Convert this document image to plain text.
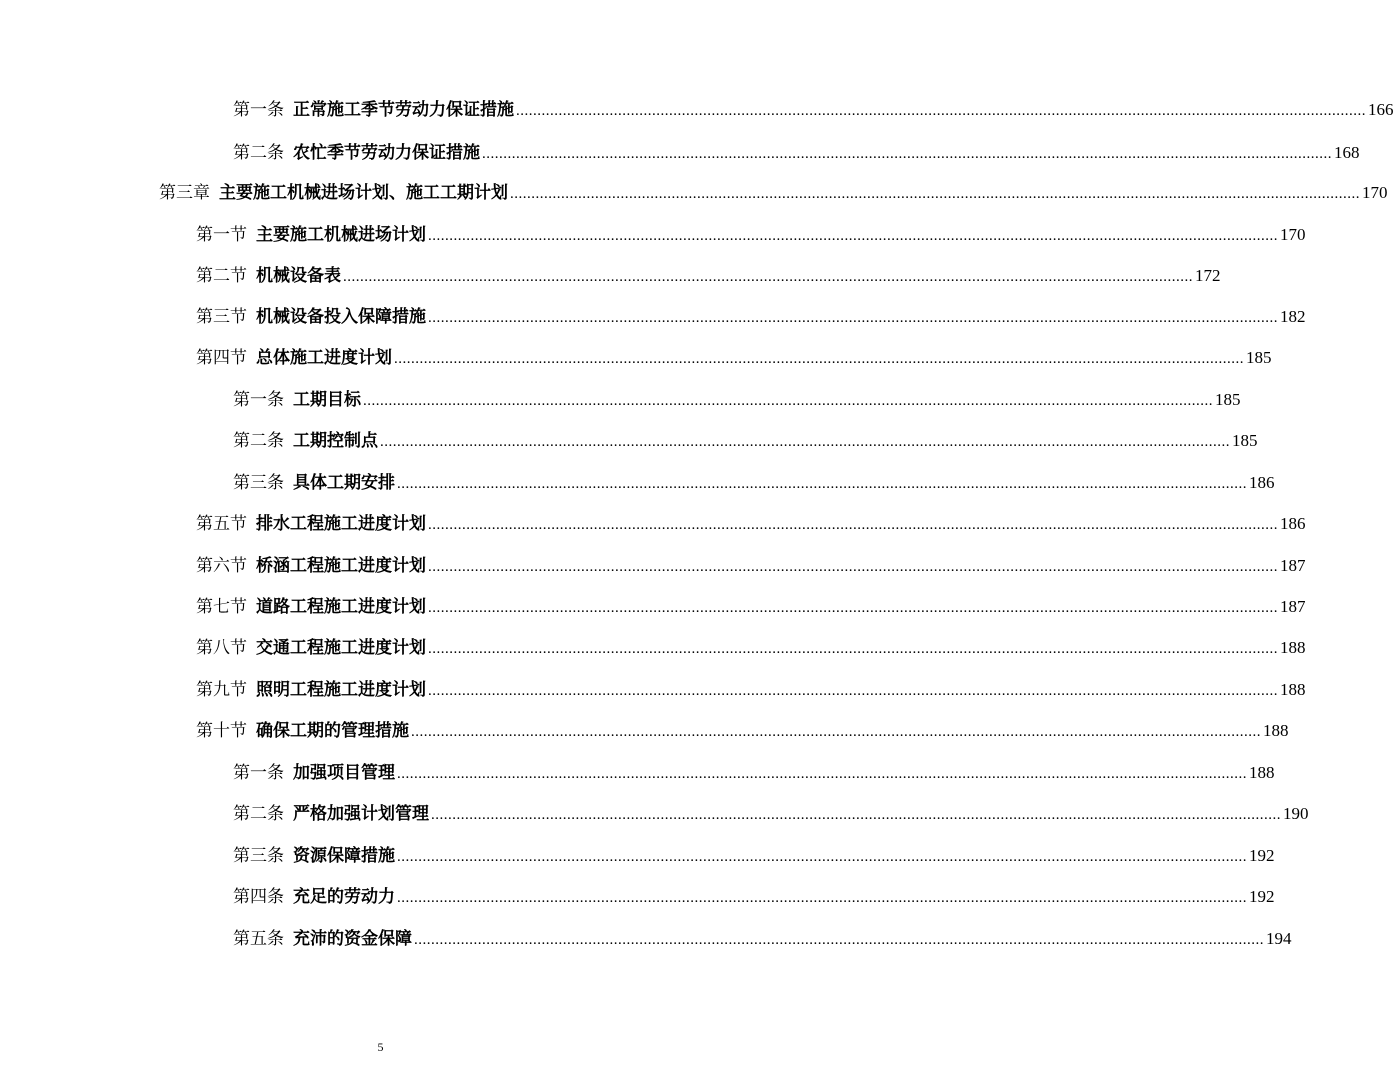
第一条 正常施工季节劳动力保证措施 ........................................................................................................................................................................................................ 166
第二条 农忙季节劳动力保证措施 ........................................................................................................................................................................................................ 168
第三章 主要施工机械进场计划、施工工期计划 ........................................................................................................................................................................................................ 170
第一节 主要施工机械进场计划 ........................................................................................................................................................................................................ 170
第二节 机械设备表 ........................................................................................................................................................................................................ 172
第三节 机械设备投入保障措施 ........................................................................................................................................................................................................ 182
第四节 总体施工进度计划 ........................................................................................................................................................................................................ 185
第一条 工期目标 ........................................................................................................................................................................................................ 185
第二条 工期控制点 ........................................................................................................................................................................................................ 185
第三条 具体工期安排 ........................................................................................................................................................................................................ 186
第五节 排水工程施工进度计划 ........................................................................................................................................................................................................ 186
第六节 桥涵工程施工进度计划 ........................................................................................................................................................................................................ 187
第七节 道路工程施工进度计划 ........................................................................................................................................................................................................ 187
第八节 交通工程施工进度计划 ........................................................................................................................................................................................................ 188
第九节 照明工程施工进度计划 ........................................................................................................................................................................................................ 188
第十节 确保工期的管理措施 ........................................................................................................................................................................................................ 188
第一条 加强项目管理 ........................................................................................................................................................................................................ 188
第二条 严格加强计划管理 ........................................................................................................................................................................................................ 190
第三条 资源保障措施 ........................................................................................................................................................................................................ 192
第四条 充足的劳动力 ........................................................................................................................................................................................................ 192
第五条 充沛的资金保障 ........................................................................................................................................................................................................ 194
5
